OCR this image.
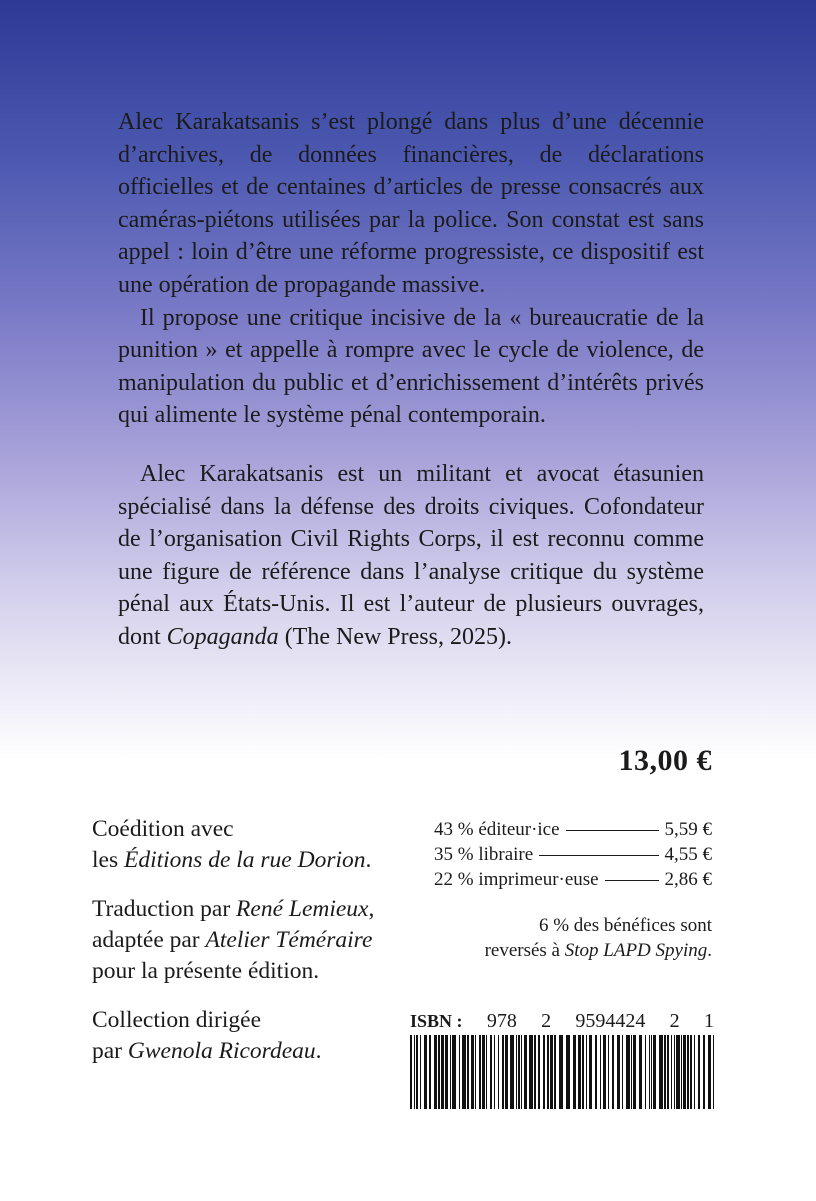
Alec Karakatsanis s’est plongé dans plus d’une décennie d’archives, de données financières, de déclarations officielles et de centaines d’articles de presse consacrés aux caméras-piétons utilisées par la police. Son constat est sans appel : loin d’être une réforme progressiste, ce dispositif est une opération de propagande massive.

Il propose une critique incisive de la « bureaucratie de la punition » et appelle à rompre avec le cycle de violence, de manipulation du public et d’enrichissement d’intérêts privés qui alimente le système pénal contemporain.

Alec Karakatsanis est un militant et avocat étasunien spécialisé dans la défense des droits civiques. Cofondateur de l’organisation Civil Rights Corps, il est reconnu comme une figure de référence dans l’analyse critique du système pénal aux États-Unis. Il est l’auteur de plusieurs ouvrages, dont Copaganda (The New Press, 2025).

13,00 €

Coédition avec
les Éditions de la rue Dorion.

Traduction par René Lemieux,
adaptée par Atelier Téméraire
pour la présente édition.

Collection dirigée
par Gwenola Ricordeau.

43 % éditeur·ice	5,59 €
35 % libraire	4,55 €
22 % imprimeur·euse	2,86 €
6 % des bénéfices sont
reversés à Stop LAPD Spying.
ISBN : 978 2 9594424 2 1
